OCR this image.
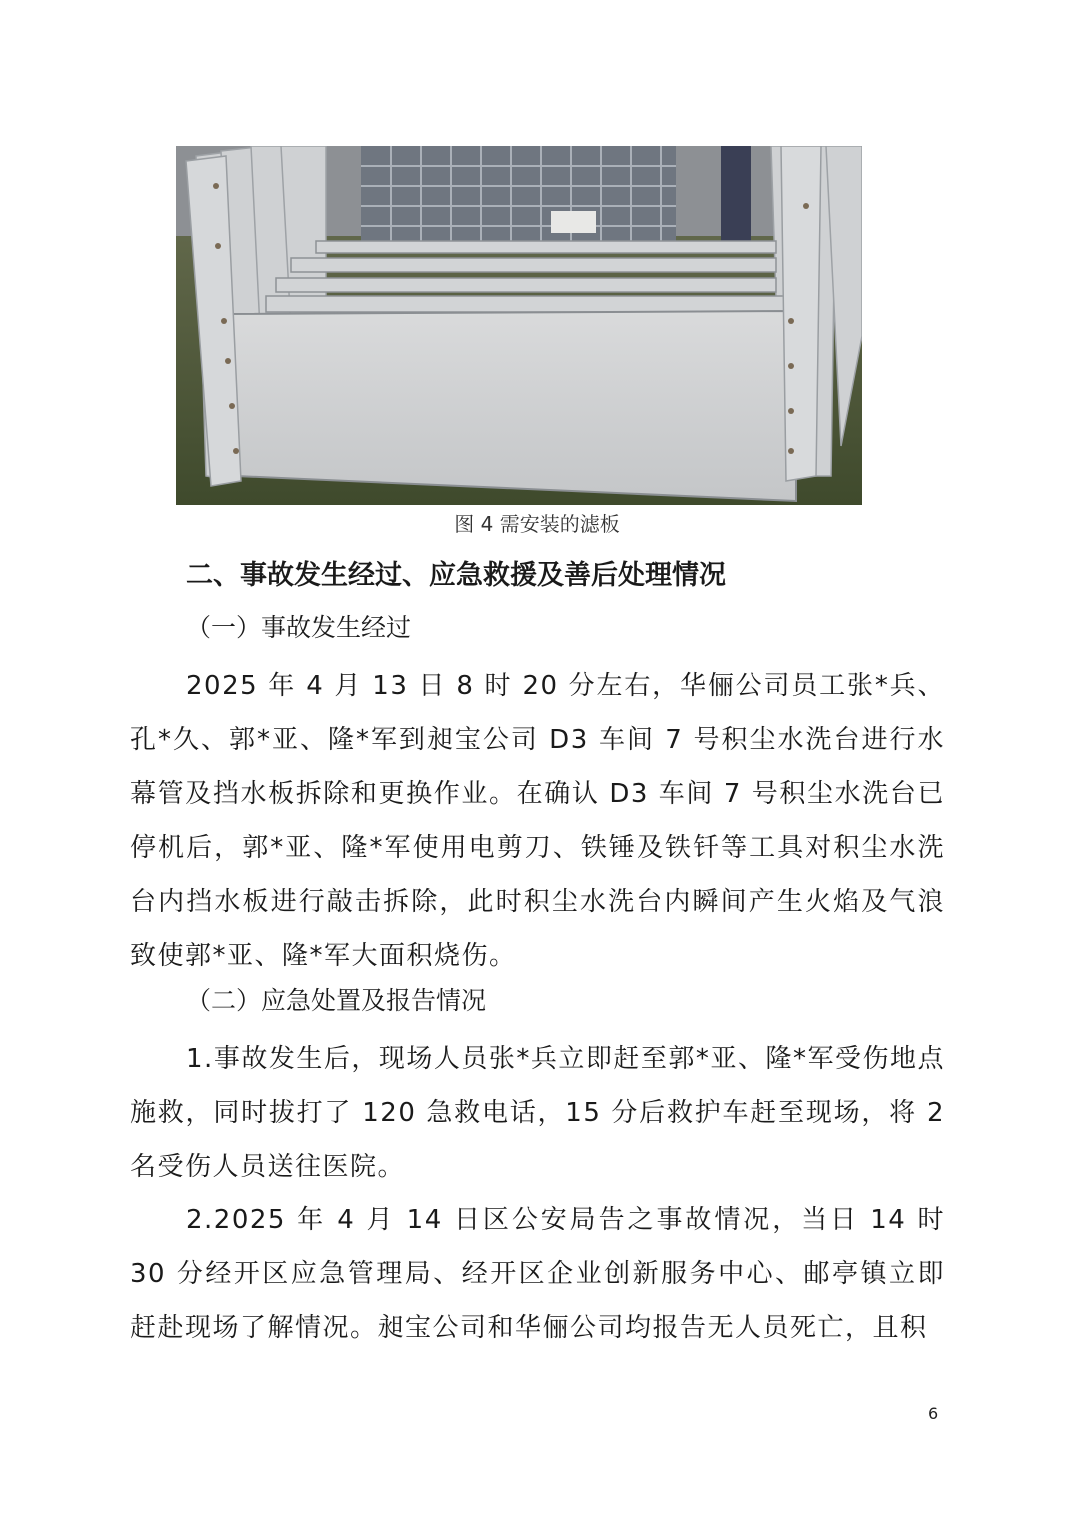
图 4 需安装的滤板
二、事故发生经过、应急救援及善后处理情况
（一）事故发生经过

2025 年 4 月 13 日 8 时 20 分左右，华俪公司员工张*兵、孔*久、郭*亚、隆*军到昶宝公司 D3 车间 7 号积尘水洗台进行水幕管及挡水板拆除和更换作业。在确认 D3 车间 7 号积尘水洗台已停机后，郭*亚、隆*军使用电剪刀、铁锤及铁钎等工具对积尘水洗台内挡水板进行敲击拆除，此时积尘水洗台内瞬间产生火焰及气浪致使郭*亚、隆*军大面积烧伤。

（二）应急处置及报告情况

1.事故发生后，现场人员张*兵立即赶至郭*亚、隆*军受伤地点施救，同时拔打了 120 急救电话，15 分后救护车赶至现场，将 2 名受伤人员送往医院。

2.2025 年 4 月 14 日区公安局告之事故情况，当日 14 时 30 分经开区应急管理局、经开区企业创新服务中心、邮亭镇立即赶赴现场了解情况。昶宝公司和华俪公司均报告无人员死亡，且积

6
